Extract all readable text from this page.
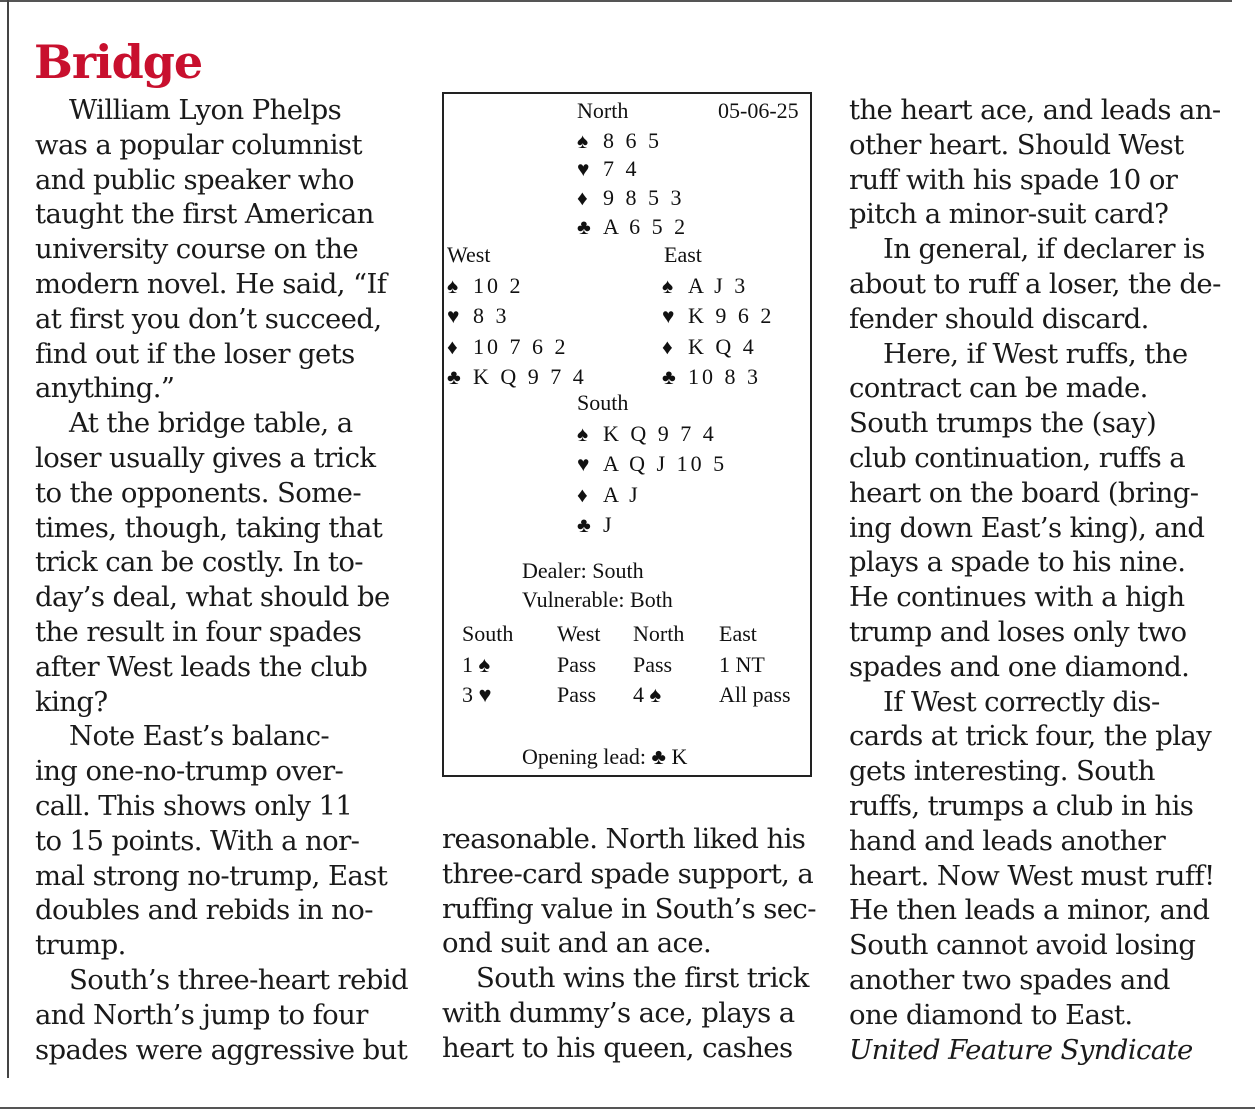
Bridge
William Lyon Phelps
was a popular columnist
and public speaker who
taught the first American
university course on the
modern novel. He said, “If
at first you don’t succeed,
find out if the loser gets
anything.”
At the bridge table, a
loser usually gives a trick
to the opponents. Some-
times, though, taking that
trick can be costly. In to-
day’s deal, what should be
the result in four spades
after West leads the club
king?
Note East’s balanc-
ing one-no-trump over-
call. This shows only 11
to 15 points. With a nor-
mal strong no-trump, East
doubles and rebids in no-
trump.
South’s three-heart rebid
and North’s jump to four
spades were aggressive but
North	05-06-25
♠ 8 6 5
♥ 7 4
♦ 9 8 5 3
♣ A 6 5 2
West	East
♠ 10 2
♥ 8 3
♦ 10 7 6 2
♣ K Q 9 7 4
♠ A J 3
♥ K 9 6 2
♦ K Q 4
♣ 10 8 3
South
♠ K Q 9 7 4
♥ A Q J 10 5
♦ A J
♣ J
Dealer: South
Vulnerable: Both
South West North East
1 ♠	Pass Pass 1 NT
3 ♥	Pass 4 ♠	All pass
Opening lead: ♣ K
reasonable. North liked his
three-card spade support, a
ruffing value in South’s sec-
ond suit and an ace.
South wins the first trick
with dummy’s ace, plays a
heart to his queen, cashes
the heart ace, and leads an-
other heart. Should West
ruff with his spade 10 or
pitch a minor-suit card?
In general, if declarer is
about to ruff a loser, the de-
fender should discard.
Here, if West ruffs, the
contract can be made.
South trumps the (say)
club continuation, ruffs a
heart on the board (bring-
ing down East’s king), and
plays a spade to his nine.
He continues with a high
trump and loses only two
spades and one diamond.
If West correctly dis-
cards at trick four, the play
gets interesting. South
ruffs, trumps a club in his
hand and leads another
heart. Now West must ruff!
He then leads a minor, and
South cannot avoid losing
another two spades and
one diamond to East.
United Feature Syndicate
